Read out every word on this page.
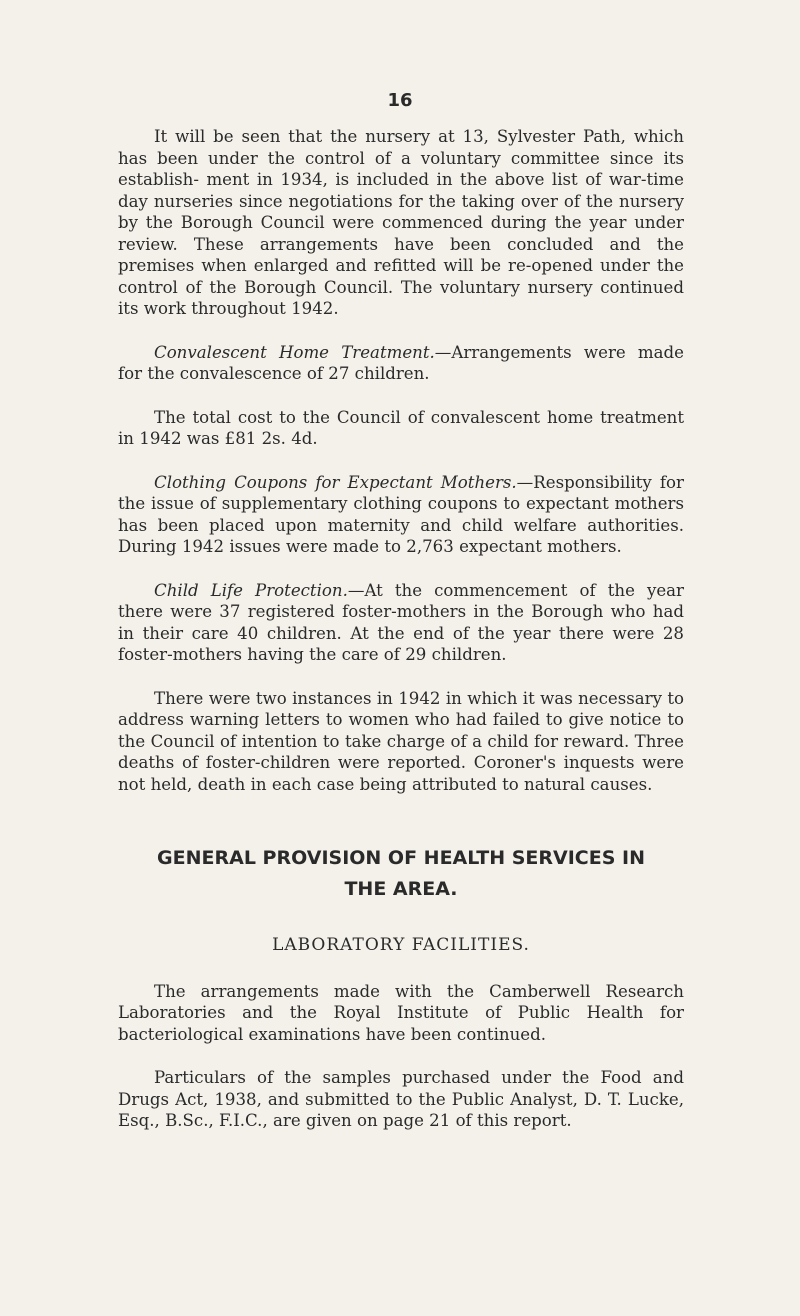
16

It will be seen that the nursery at 13, Sylvester Path, which has been under the control of a voluntary committee since its establish- ment in 1934, is included in the above list of war-time day nurseries since negotiations for the taking over of the nursery by the Borough Council were commenced during the year under review. These arrangements have been concluded and the premises when enlarged and refitted will be re-opened under the control of the Borough Council. The voluntary nursery continued its work throughout 1942.

Convalescent Home Treatment.—Arrangements were made for the convalescence of 27 children.

The total cost to the Council of convalescent home treatment in 1942 was £81 2s. 4d.

Clothing Coupons for Expectant Mothers.—Responsibility for the issue of supplementary clothing coupons to expectant mothers has been placed upon maternity and child welfare authorities. During 1942 issues were made to 2,763 expectant mothers.

Child Life Protection.—At the commencement of the year there were 37 registered foster-mothers in the Borough who had in their care 40 children. At the end of the year there were 28 foster-mothers having the care of 29 children.

There were two instances in 1942 in which it was necessary to address warning letters to women who had failed to give notice to the Council of intention to take charge of a child for reward. Three deaths of foster-children were reported. Coroner's inquests were not held, death in each case being attributed to natural causes.

GENERAL PROVISION OF HEALTH SERVICES IN
THE AREA.
LABORATORY FACILITIES.

The arrangements made with the Camberwell Research Laboratories and the Royal Institute of Public Health for bacteriological examinations have been continued.

Particulars of the samples purchased under the Food and Drugs Act, 1938, and submitted to the Public Analyst, D. T. Lucke, Esq., B.Sc., F.I.C., are given on page 21 of this report.
